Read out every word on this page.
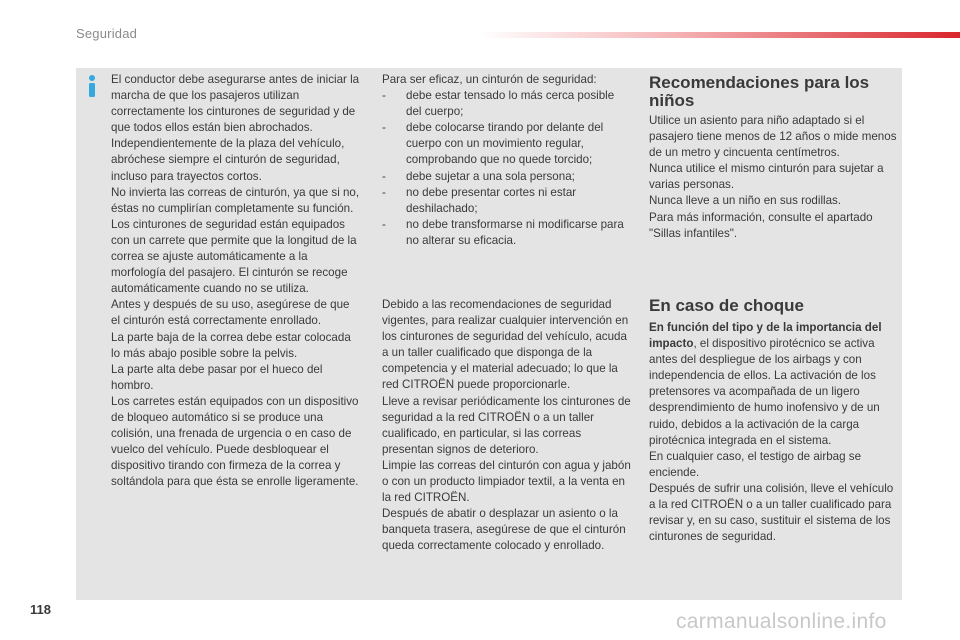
Seguridad

El conductor debe asegurarse antes de iniciar la marcha de que los pasajeros utilizan correctamente los cinturones de seguridad y de que todos ellos están bien abrochados.

Independientemente de la plaza del vehículo, abróchese siempre el cinturón de seguridad, incluso para trayectos cortos.

No invierta las correas de cinturón, ya que si no, éstas no cumplirían completamente su función.

Los cinturones de seguridad están equipados con un carrete que permite que la longitud de la correa se ajuste automáticamente a la morfología del pasajero. El cinturón se recoge automáticamente cuando no se utiliza.

Antes y después de su uso, asegúrese de que el cinturón está correctamente enrollado.

La parte baja de la correa debe estar colocada lo más abajo posible sobre la pelvis.

La parte alta debe pasar por el hueco del hombro.

Los carretes están equipados con un dispositivo de bloqueo automático si se produce una colisión, una frenada de urgencia o en caso de vuelco del vehículo. Puede desbloquear el dispositivo tirando con firmeza de la correa y soltándola para que ésta se enrolle ligeramente.

Para ser eficaz, un cinturón de seguridad:

-	debe estar tensado lo más cerca posible del cuerpo;
-	debe colocarse tirando por delante del cuerpo con un movimiento regular, comprobando que no quede torcido;
-	debe sujetar a una sola persona;
-	no debe presentar cortes ni estar deshilachado;
-	no debe transformarse ni modificarse para no alterar su eficacia.

Debido a las recomendaciones de seguridad vigentes, para realizar cualquier intervención en los cinturones de seguridad del vehículo, acuda a un taller cualificado que disponga de la competencia y el material adecuado; lo que la red CITROËN puede proporcionarle.

Lleve a revisar periódicamente los cinturones de seguridad a la red CITROËN o a un taller cualificado, en particular, si las correas presentan signos de deterioro.

Limpie las correas del cinturón con agua y jabón o con un producto limpiador textil, a la venta en la red CITROËN.

Después de abatir o desplazar un asiento o la banqueta trasera, asegúrese de que el cinturón queda correctamente colocado y enrollado.

Recomendaciones para los niños

Utilice un asiento para niño adaptado si el pasajero tiene menos de 12 años o mide menos de un metro y cincuenta centímetros.

Nunca utilice el mismo cinturón para sujetar a varias personas.

Nunca lleve a un niño en sus rodillas.

Para más información, consulte el apartado "Sillas infantiles".

En caso de choque

En función del tipo y de la importancia del impacto, el dispositivo pirotécnico se activa antes del despliegue de los airbags y con independencia de ellos. La activación de los pretensores va acompañada de un ligero desprendimiento de humo inofensivo y de un ruido, debidos a la activación de la carga pirotécnica integrada en el sistema.

En cualquier caso, el testigo de airbag se enciende.

Después de sufrir una colisión, lleve el vehículo a la red CITROËN o a un taller cualificado para revisar y, en su caso, sustituir el sistema de los cinturones de seguridad.

118
carmanualsonline.info
